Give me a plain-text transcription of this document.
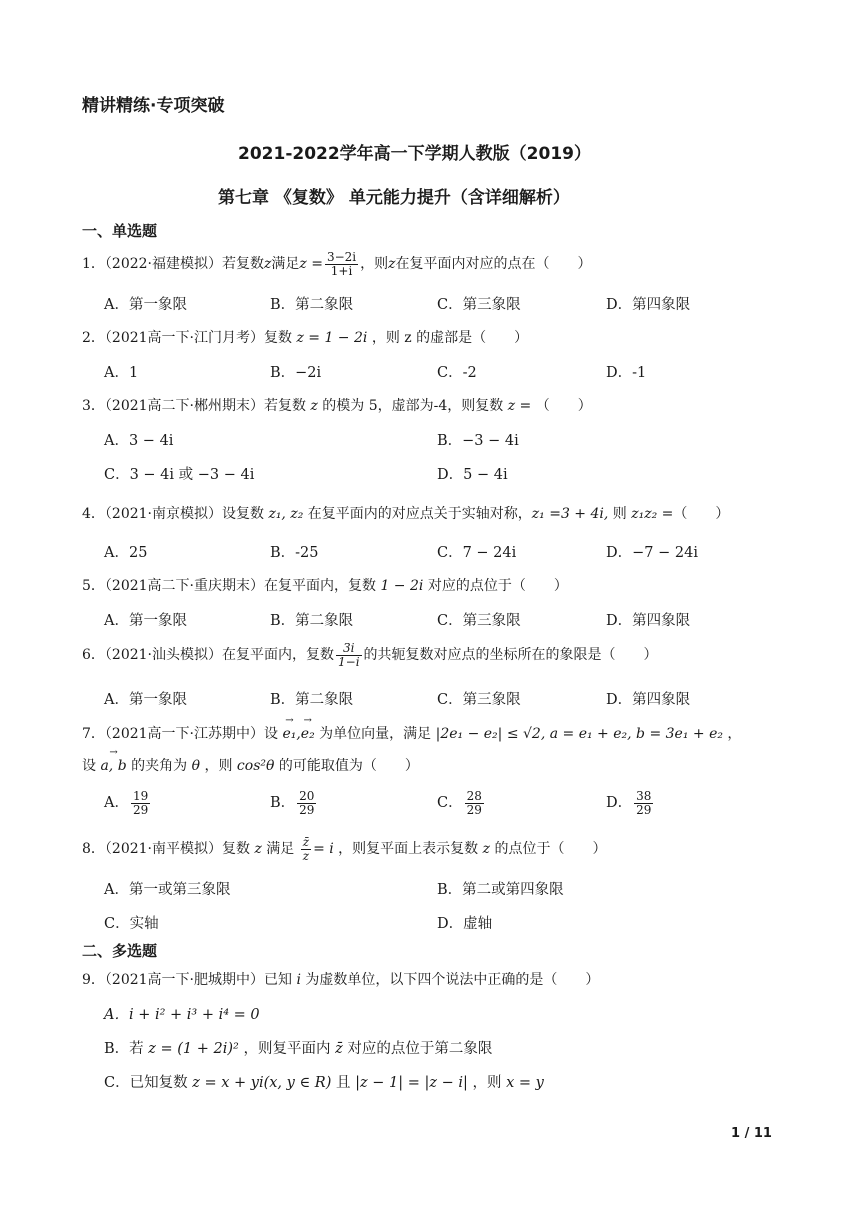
精讲精练·专项突破
2021-2022学年高一下学期人教版（2019）
第七章 《复数》 单元能力提升（含详细解析）
一、单选题
1．（2022·福建模拟）若复数z满足$z = \frac{3-2i}{1+i}$ ，则z在复平面内对应的点在（　　）
A．第一象限	B．第二象限	C．第三象限	D．第四象限
2．（2021高一下·江门月考）复数 z = 1 − 2i ，则 z 的虚部是（　　）
A．1	B．−2i	C．-2	D．-1
3．（2021高二下·郴州期末）若复数 z 的模为 5，虚部为-4，则复数 z = （　　）
A．3 − 4i	B．−3 − 4i
C．3 − 4i 或 −3 − 4i	D．5 − 4i
4．（2021·南京模拟）设复数 z₁, z₂ 在复平面内的对应点关于实轴对称，z₁ =3 + 4i, 则 z₁z₂ =（　　）
A．25	B．-25	C．7 − 24i	D．−7 − 24i
5．（2021高二下·重庆期末）在复平面内，复数 1 − 2i 对应的点位于（　　）
A．第一象限	B．第二象限	C．第三象限	D．第四象限
6．（2021·汕头模拟）在复平面内，复数 $\frac{3i}{1-i}$ 的共轭复数对应点的坐标所在的象限是（　　）
A．第一象限	B．第二象限	C．第三象限	D．第四象限
7．（2021高一下·江苏期中）设 → e₁,→ e₂ 为单位向量，满足 |2e₁ − e₂| ≤ √2, a = e₁ + e₂, b = 3e₁ + e₂ ，
设 → a, b 的夹角为 θ ，则 cos²θ 的可能取值为（　　）
A． $\frac{19}{29}$	B． $\frac{20}{29}$	C． $\frac{28}{29}$	D． $\frac{38}{29}$
8．（2021·南平模拟）复数 z 满足 $\frac{z̄}{z} = i$ ，则复平面上表示复数 z 的点位于（　　）
A．第一或第三象限	B．第二或第四象限
C．实轴	D．虚轴
二、多选题
9．（2021高一下·肥城期中）已知 i 为虚数单位，以下四个说法中正确的是（　　）
A．i + i² + i³ + i⁴ = 0
B．若 z = (1 + 2i)² ，则复平面内 z̄ 对应的点位于第二象限
C．已知复数 z = x + yi(x, y ∈ R) 且 |z − 1| = |z − i| ，则 x = y
1 / 11
